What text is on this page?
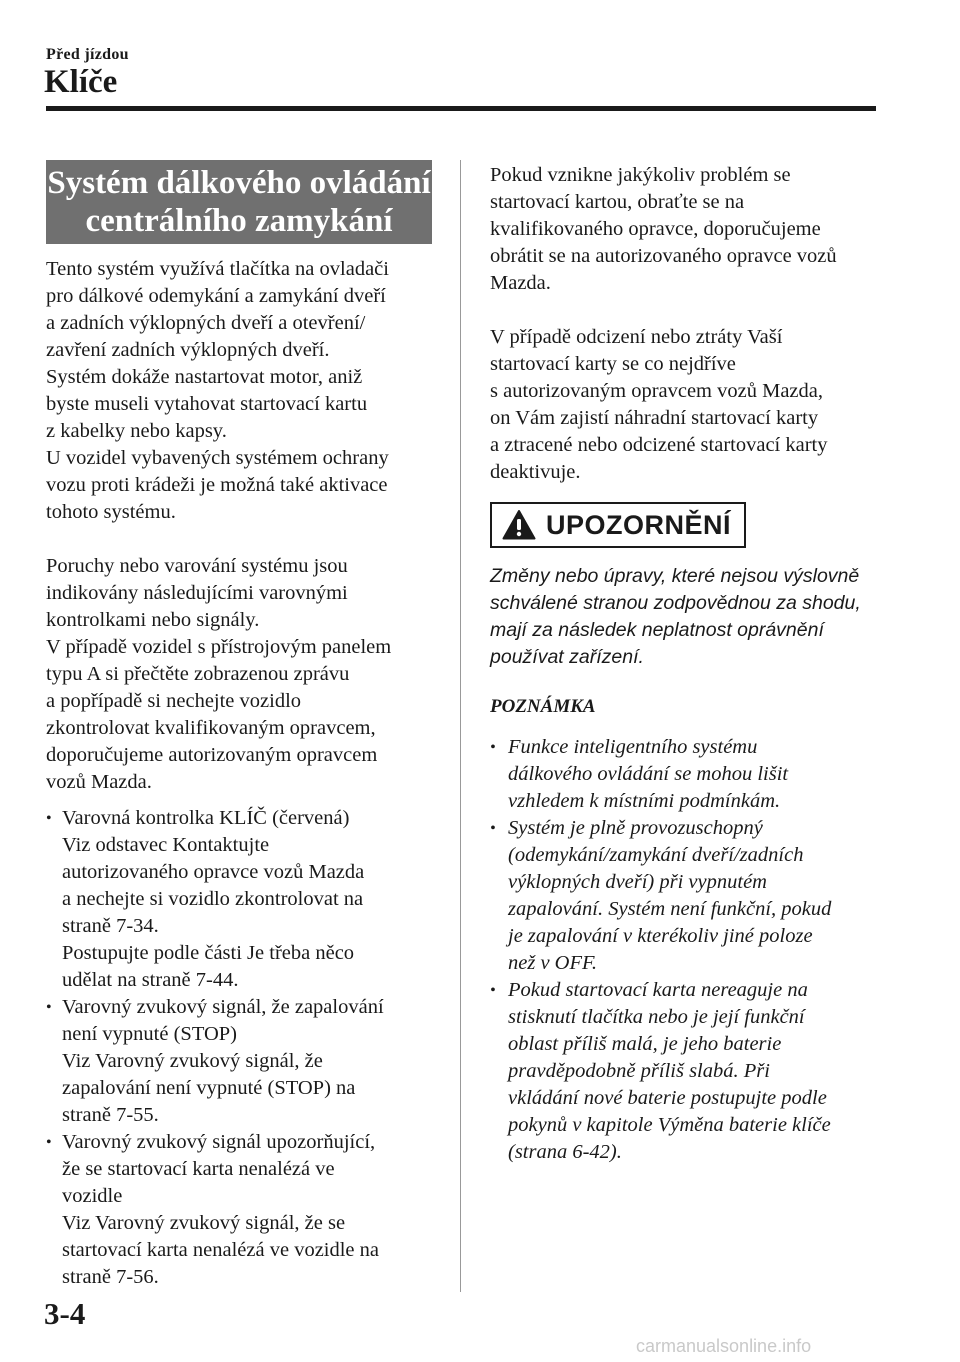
Před jízdou
Klíče
Systém dálkového ovládání
centrálního zamykání

Tento systém využívá tlačítka na ovladači

pro dálkové odemykání a zamykání dveří

a zadních výklopných dveří a otevření/

zavření zadních výklopných dveří.

Systém dokáže nastartovat motor, aniž

byste museli vytahovat startovací kartu

z kabelky nebo kapsy.

U vozidel vybavených systémem ochrany

vozu proti krádeži je možná také aktivace

tohoto systému.

Poruchy nebo varování systému jsou

indikovány následujícími varovnými

kontrolkami nebo signály.

V případě vozidel s přístrojovým panelem

typu A si přečtěte zobrazenou zprávu

a popřípadě si nechejte vozidlo

zkontrolovat kvalifikovaným opravcem,

doporučujeme autorizovaným opravcem

vozů Mazda.

• Varovná kontrolka KLÍČ (červená)

Viz odstavec Kontaktujte

autorizovaného opravce vozů Mazda

a nechejte si vozidlo zkontrolovat na

straně 7-34.

Postupujte podle části Je třeba něco

udělat na straně 7-44.

• Varovný zvukový signál, že zapalování

není vypnuté (STOP)

Viz Varovný zvukový signál, že

zapalování není vypnuté (STOP) na

straně 7-55.

• Varovný zvukový signál upozorňující,

že se startovací karta nenalézá ve

vozidle

Viz Varovný zvukový signál, že se

startovací karta nenalézá ve vozidle na

straně 7-56.

Pokud vznikne jakýkoliv problém se

startovací kartou, obraťte se na

kvalifikovaného opravce, doporučujeme

obrátit se na autorizovaného opravce vozů

Mazda.

V případě odcizení nebo ztráty Vaší

startovací karty se co nejdříve

s autorizovaným opravcem vozů Mazda,

on Vám zajistí náhradní startovací karty

a ztracené nebo odcizené startovací karty

deaktivuje.

UPOZORNĚNÍ
Změny nebo úpravy, které nejsou výslovně
schválené stranou zodpovědnou za shodu,
mají za následek neplatnost oprávnění
používat zařízení.
POZNÁMKA
• Funkce inteligentního systému

dálkového ovládání se mohou lišit

vzhledem k místními podmínkám.

• Systém je plně provozuschopný

(odemykání/zamykání dveří/zadních

výklopných dveří) při vypnutém

zapalování. Systém není funkční, pokud

je zapalování v kterékoliv jiné poloze

než v OFF.

• Pokud startovací karta nereaguje na

stisknutí tlačítka nebo je její funkční

oblast příliš malá, je jeho baterie

pravděpodobně příliš slabá. Při

vkládání nové baterie postupujte podle

pokynů v kapitole Výměna baterie klíče

(strana 6-42).

3-4
carmanualsonline.info
